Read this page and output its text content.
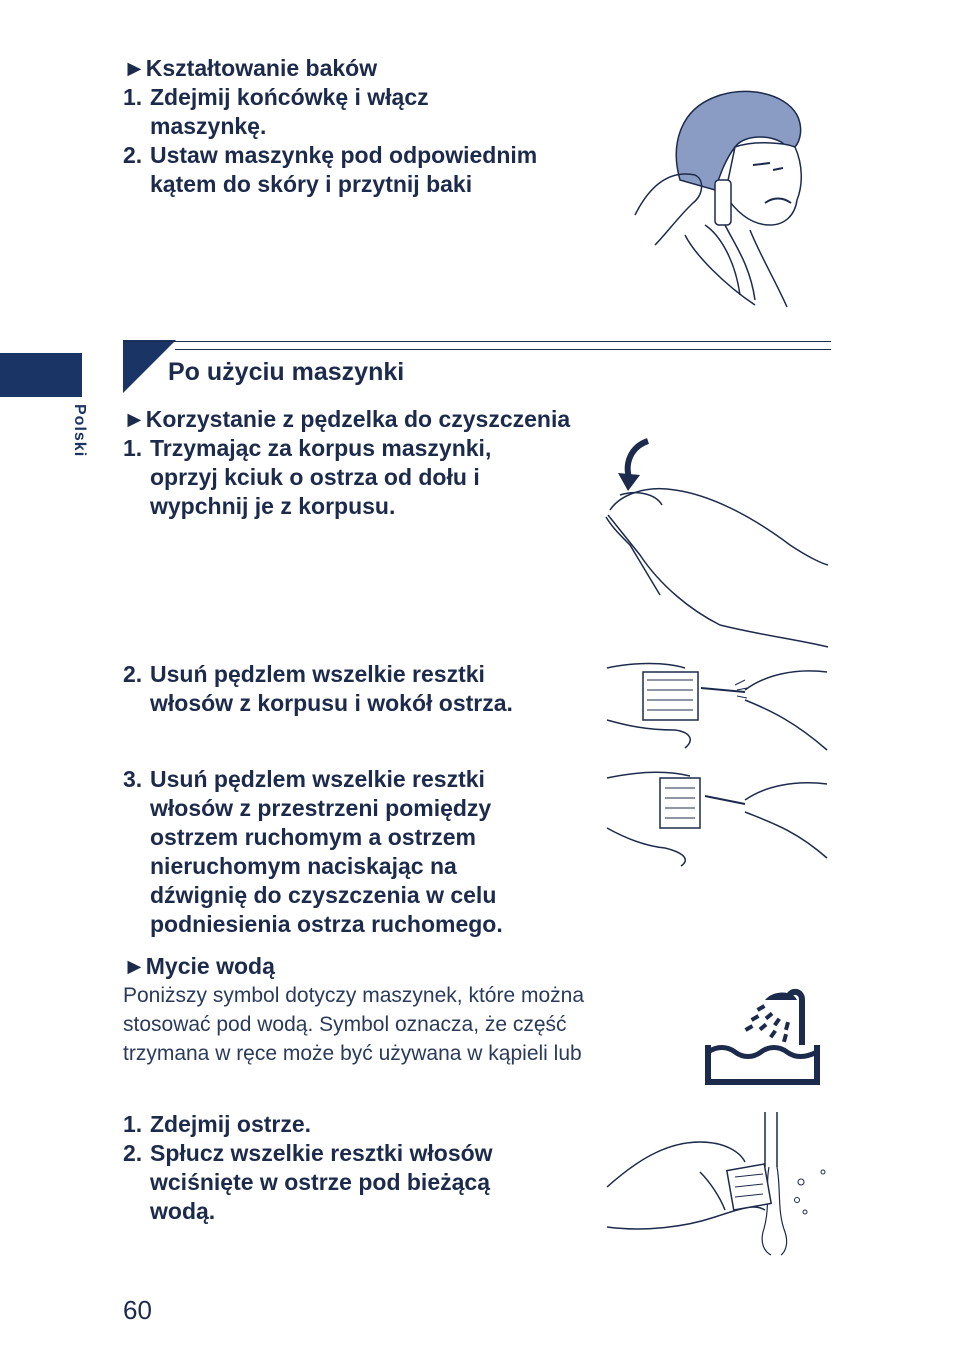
Polski
►Kształtowanie baków
1. Zdejmij końcówkę i włącz
maszynkę.
2. Ustaw maszynkę pod odpowiednim
kątem do skóry i przytnij baki
Po użyciu maszynki
►Korzystanie z pędzelka do czyszczenia
1. Trzymając za korpus maszynki,
oprzyj kciuk o ostrza od dołu i
wypchnij je z korpusu.
2. Usuń pędzlem wszelkie resztki
włosów z korpusu i wokół ostrza.
3. Usuń pędzlem wszelkie resztki
włosów z przestrzeni pomiędzy
ostrzem ruchomym a ostrzem
nieruchomym naciskając na
dźwignię do czyszczenia w celu
podniesienia ostrza ruchomego.
►Mycie wodą
Poniższy symbol dotyczy maszynek, które można
stosować pod wodą. Symbol oznacza, że część
trzymana w ręce może być używana w kąpieli lub
1. Zdejmij ostrze.
2. Spłucz wszelkie resztki włosów
wciśnięte w ostrze pod bieżącą
wodą.
60
